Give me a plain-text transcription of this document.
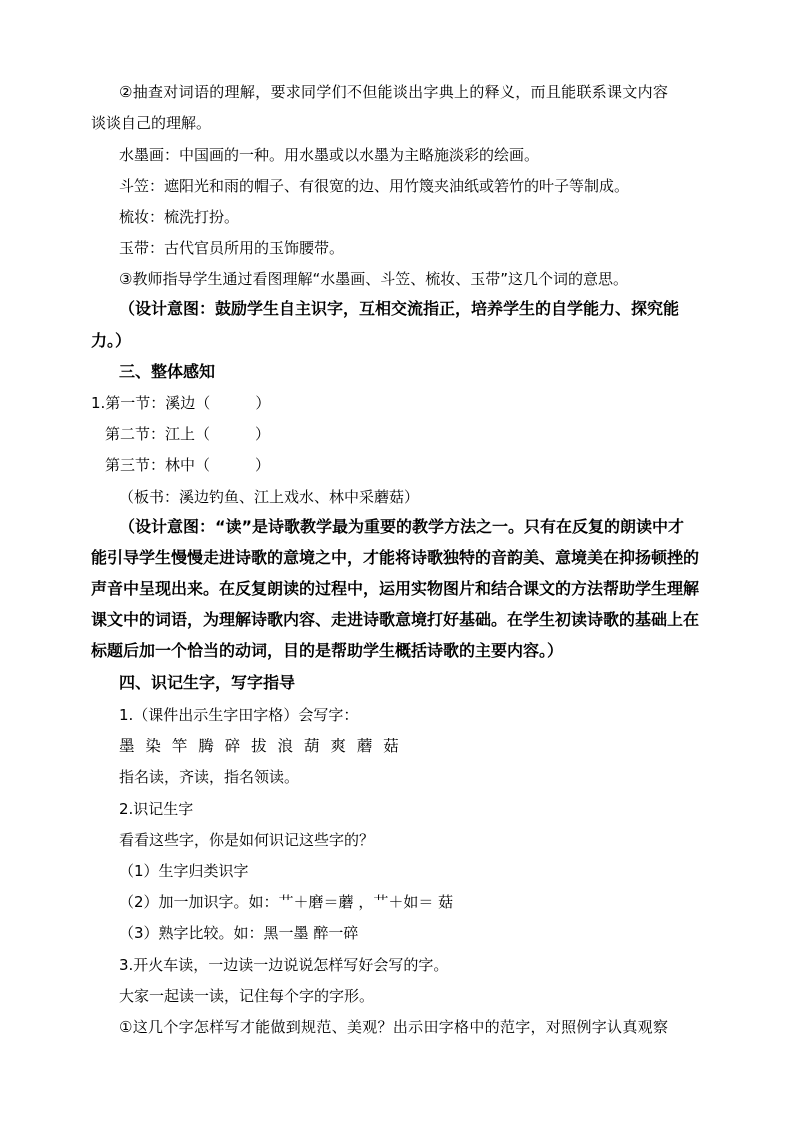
②抽查对词语的理解，要求同学们不但能谈出字典上的释义，而且能联系课文内容
谈谈自己的理解。
水墨画：中国画的一种。用水墨或以水墨为主略施淡彩的绘画。
斗笠：遮阳光和雨的帽子、有很宽的边、用竹篾夹油纸或箬竹的叶子等制成。
梳妆：梳洗打扮。
玉带：古代官员所用的玉饰腰带。
③教师指导学生通过看图理解“水墨画、斗笠、梳妆、玉带”这几个词的意思。
（设计意图：鼓励学生自主识字，互相交流指正，培养学生的自学能力、探究能
力。）
三、整体感知
1.第一节：溪边（　　　）
第二节：江上（　　　）
第三节：林中（　　　）
（板书：溪边钓鱼、江上戏水、林中采蘑菇）
（设计意图：“读”是诗歌教学最为重要的教学方法之一。只有在反复的朗读中才
能引导学生慢慢走进诗歌的意境之中，才能将诗歌独特的音韵美、意境美在抑扬顿挫的
声音中呈现出来。在反复朗读的过程中，运用实物图片和结合课文的方法帮助学生理解
课文中的词语，为理解诗歌内容、走进诗歌意境打好基础。在学生初读诗歌的基础上在
标题后加一个恰当的动词，目的是帮助学生概括诗歌的主要内容。）
四、识记生字，写字指导
1.（课件出示生字田字格）会写字：
墨 染 竿 腾 碎 拔 浪 葫 爽 蘑 菇
指名读，齐读，指名领读。
2.识记生字
看看这些字，你是如何识记这些字的？
（1）生字归类识字
（2）加一加识字。如：艹＋磨＝蘑 ，艹＋如＝ 菇
（3）熟字比较。如：黑一墨 醉一碎
3.开火车读，一边读一边说说怎样写好会写的字。
大家一起读一读，记住每个字的字形。
①这几个字怎样写才能做到规范、美观？出示田字格中的范字，对照例字认真观察
